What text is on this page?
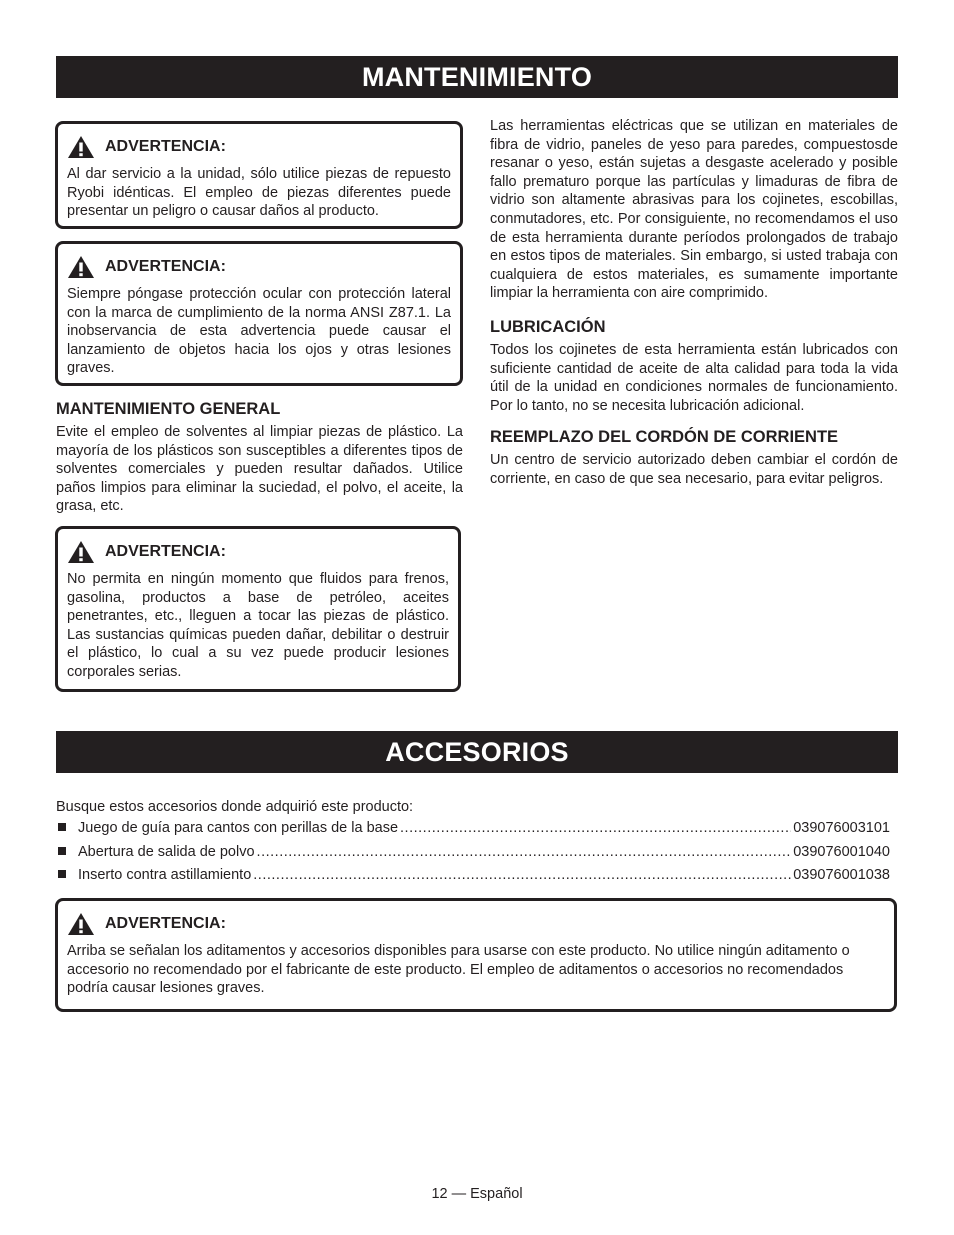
MANTENIMIENTO
ADVERTENCIA:
Al dar servicio a la unidad, sólo utilice piezas de repuesto Ryobi idénticas. El empleo de piezas diferentes puede presentar un peligro o causar daños al producto.
ADVERTENCIA:
Siempre póngase protección ocular con protección lateral con la marca de cumplimiento de la norma ANSI Z87.1. La inobservancia de esta advertencia puede causar el lanzamiento de objetos hacia los ojos y otras lesiones graves.
MANTENIMIENTO GENERAL
Evite el empleo de solventes al limpiar piezas de plástico. La mayoría de los plásticos son susceptibles a diferentes tipos de solventes comerciales y pueden resultar dañados. Utilice paños limpios para eliminar la suciedad, el polvo, el aceite, la grasa, etc.
ADVERTENCIA:
No permita en ningún momento que fluidos para frenos, gasolina, productos a base de petróleo, aceites penetrantes, etc., lleguen a tocar las piezas de plástico. Las sustancias químicas pueden dañar, debilitar o destruir el plástico, lo cual a su vez puede producir lesiones corporales serias.
Las herramientas eléctricas que se utilizan en materiales de fibra de vidrio, paneles de yeso para paredes, compuestosde resanar o yeso, están sujetas a desgaste acelerado y posible fallo prematuro porque las partículas y limaduras de fibra de vidrio son altamente abrasivas para los cojinetes, escobillas, conmutadores, etc. Por consiguiente, no recomendamos el uso de esta herramienta durante períodos prolongados de trabajo en estos tipos de materiales. Sin embargo, si usted trabaja con cualquiera de estos materiales, es sumamente importante limpiar la herramienta con aire comprimido.
LUBRICACIÓN
Todos los cojinetes de esta herramienta están lubricados con suficiente cantidad de aceite de alta calidad para toda la vida útil de la unidad en condiciones normales de funcionamiento. Por lo tanto, no se necesita lubricación adicional.
REEMPLAZO DEL CORDÓN DE CORRIENTE
Un centro de servicio autorizado deben cambiar el cordón de corriente, en caso de que sea necesario, para evitar peligros.
ACCESORIOS
Busque estos accesorios donde adquirió este producto:
Juego de guía para cantos con perillas de la base .....	039076003101
Abertura de salida de polvo .....	039076001040
Inserto contra astillamiento .....	039076001038
ADVERTENCIA:
Arriba se señalan los aditamentos y accesorios disponibles para usarse con este producto. No utilice ningún aditamento o accesorio no recomendado por el fabricante de este producto. El empleo de aditamentos o accesorios no recomendados podría causar lesiones graves.
12 — Español
